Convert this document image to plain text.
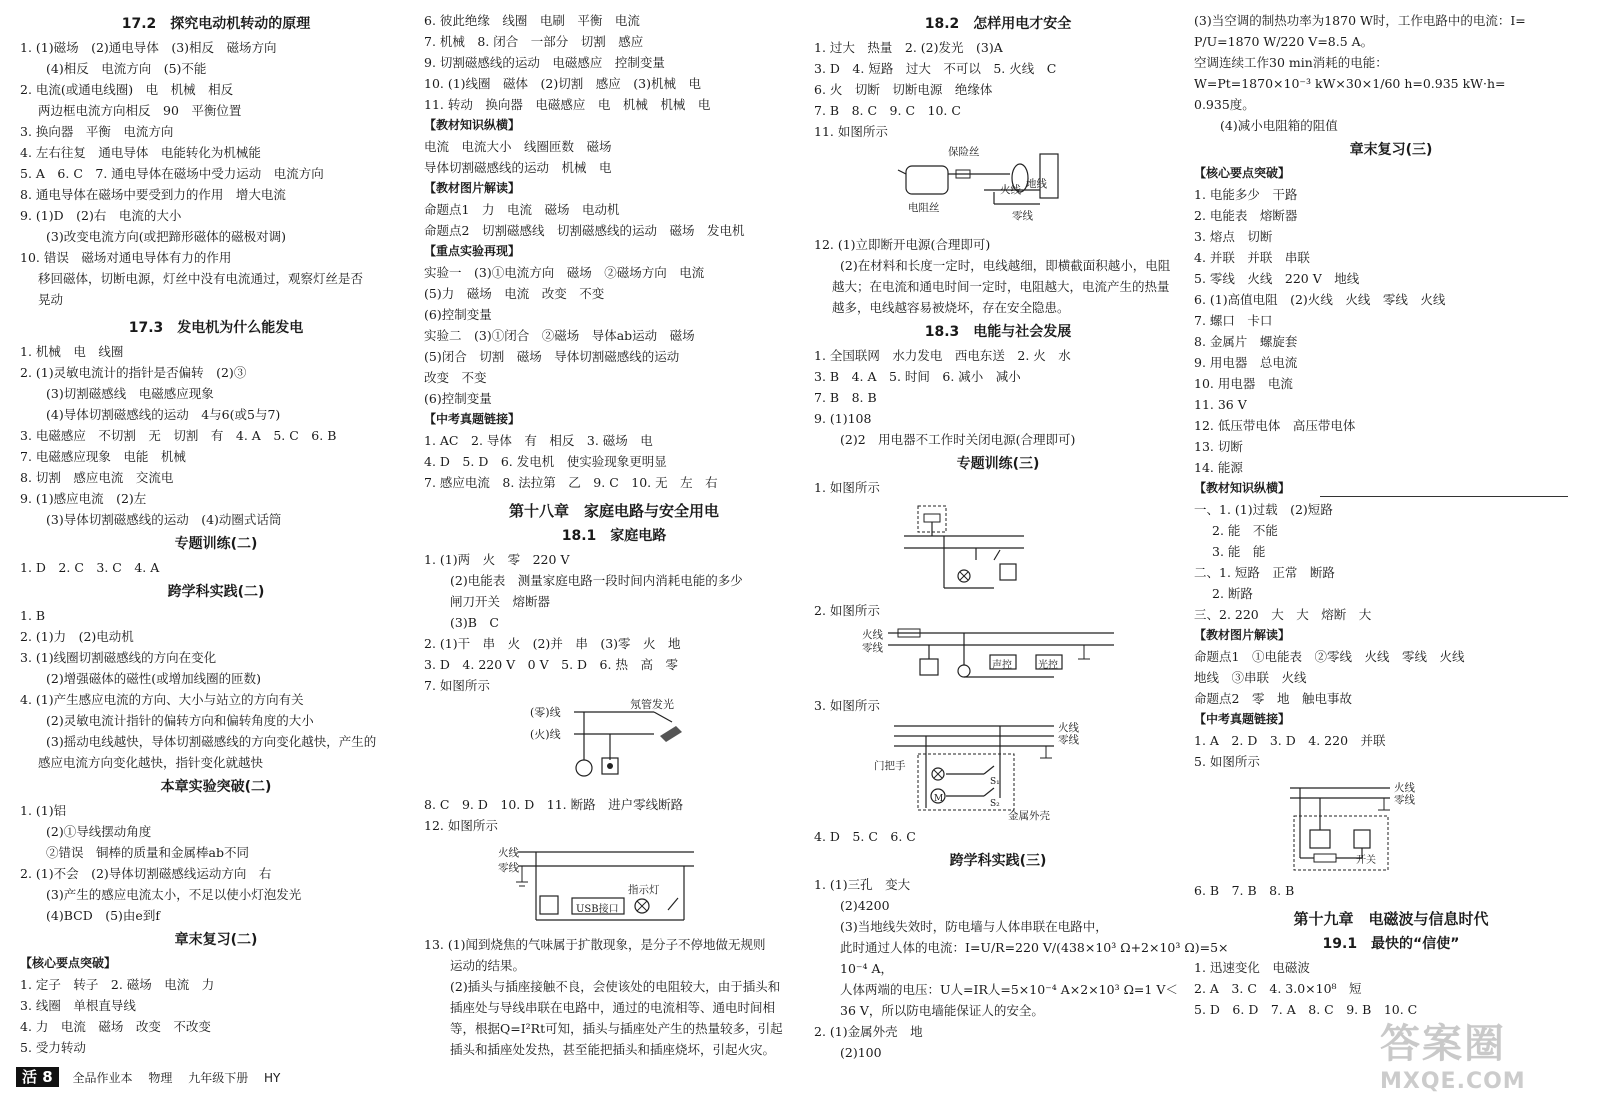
17.2　探究电动机转动的原理
1. (1)磁场　(2)通电导体　(3)相反　磁场方向
(4)相反　电流方向　(5)不能
2. 电流(或通电线圈)　电　机械　相反
两边框电流方向相反　90　平衡位置
3. 换向器　平衡　电流方向
4. 左右往复　通电导体　电能转化为机械能
5. A　6. C　7. 通电导体在磁场中受力运动　电流方向
8. 通电导体在磁场中要受到力的作用　增大电流
9. (1)D　(2)右　电流的大小
(3)改变电流方向(或把蹄形磁体的磁极对调)
10. 错误　磁场对通电导体有力的作用
移回磁体，切断电源，灯丝中没有电流通过，观察灯丝是否
晃动
17.3　发电机为什么能发电
1. 机械　电　线圈
2. (1)灵敏电流计的指针是否偏转　(2)③
(3)切割磁感线　电磁感应现象
(4)导体切割磁感线的运动　4与6(或5与7)
3. 电磁感应　不切割　无　切割　有　4. A　5. C　6. B
7. 电磁感应现象　电能　机械
8. 切割　感应电流　交流电
9. (1)感应电流　(2)左
(3)导体切割磁感线的运动　(4)动圈式话筒
专题训练(二)
1. D　2. C　3. C　4. A
跨学科实践(二)
1. B
2. (1)力　(2)电动机
3. (1)线圈切割磁感线的方向在变化
(2)增强磁体的磁性(或增加线圈的匝数)
4. (1)产生感应电流的方向、大小与站立的方向有关
(2)灵敏电流计指针的偏转方向和偏转角度的大小
(3)摇动电线越快，导体切割磁感线的方向变化越快，产生的
感应电流方向变化越快，指针变化就越快
本章实验突破(二)
1. (1)铝
(2)①导线摆动角度
②错误　铜棒的质量和金属棒ab不同
2. (1)不会　(2)导体切割磁感线运动方向　右
(3)产生的感应电流太小，不足以使小灯泡发光
(4)BCD　(5)由e到f
章末复习(二)
【核心要点突破】
1. 定子　转子　2. 磁场　电流　力
3. 线圈　单根直导线
4. 力　电流　磁场　改变　不改变
5. 受力转动
6. 彼此绝缘　线圈　电刷　平衡　电流
7. 机械　8. 闭合　一部分　切割　感应
9. 切割磁感线的运动　电磁感应　控制变量
10. (1)线圈　磁体　(2)切割　感应　(3)机械　电
11. 转动　换向器　电磁感应　电　机械　机械　电
【教材知识纵横】
电流　电流大小　线圈匝数　磁场
导体切割磁感线的运动　机械　电
【教材图片解读】
命题点1　力　电流　磁场　电动机
命题点2　切割磁感线　切割磁感线的运动　磁场　发电机
【重点实验再现】
实验一　(3)①电流方向　磁场　②磁场方向　电流
(5)力　磁场　电流　改变　不变
(6)控制变量
实验二　(3)①闭合　②磁场　导体ab运动　磁场
(5)闭合　切割　磁场　导体切割磁感线的运动
改变　不变
(6)控制变量
【中考真题链接】
1. AC　2. 导体　有　相反　3. 磁场　电
4. D　5. D　6. 发电机　使实验现象更明显
7. 感应电流　8. 法拉第　乙　9. C　10. 无　左　右
第十八章　家庭电路与安全用电
18.1　家庭电路
1. (1)两　火　零　220 V
(2)电能表　测量家庭电路一段时间内消耗电能的多少
闸刀开关　熔断器
(3)B　C
2. (1)干　串　火　(2)并　串　(3)零　火　地
3. D　4. 220 V　0 V　5. D　6. 热　高　零
7. 如图所示
(零)线
(火)线
氖管发光
8. C　9. D　10. D　11. 断路　进户零线断路
12. 如图所示
火线
零线
USB接口
指示灯
13. (1)闻到烧焦的气味属于扩散现象，是分子不停地做无规则
运动的结果。
(2)插头与插座接触不良，会使该处的电阻较大，由于插头和
插座处与导线串联在电路中，通过的电流相等、通电时间相
等，根据Q=I²Rt可知，插头与插座处产生的热量较多，引起
插头和插座处发热，甚至能把插头和插座烧坏，引起火灾。
18.2　怎样用电才安全
1. 过大　热量　2. (2)发光　(3)A
3. D　4. 短路　过大　不可以　5. 火线　C
6. 火　切断　切断电源　绝缘体
7. B　8. C　9. C　10. C
11. 如图所示
保险丝
电阻丝
火线 地线
零线
12. (1)立即断开电源(合理即可)
(2)在材料和长度一定时，电线越细，即横截面积越小，电阻
越大；在电流和通电时间一定时，电阻越大，电流产生的热量
越多，电线越容易被烧坏，存在安全隐患。
18.3　电能与社会发展
1. 全国联网　水力发电　西电东送　2. 火　水
3. B　4. A　5. 时间　6. 减小　减小
7. B　8. B
9. (1)108
(2)2　用电器不工作时关闭电源(合理即可)
专题训练(三)
1. 如图所示
2. 如图所示
火线
零线
声控	光控
3. 如图所示
M
S₁
S₂
火线
零线
门把手
金属外壳
4. D　5. C　6. C
跨学科实践(三)
1. (1)三孔　变大
(2)4200
(3)当地线失效时，防电墙与人体串联在电路中，
此时通过人体的电流：I=U/R=220 V/(438×10³ Ω+2×10³ Ω)=5×
10⁻⁴ A，
人体两端的电压：U人=IR人=5×10⁻⁴ A×2×10³ Ω=1 V＜
36 V，所以防电墙能保证人的安全。
2. (1)金属外壳　地
(2)100
(3)当空调的制热功率为1870 W时，工作电路中的电流：I=
P/U=1870 W/220 V=8.5 A。
空调连续工作30 min消耗的电能：
W=Pt=1870×10⁻³ kW×30×1/60 h=0.935 kW·h=
0.935度。
(4)减小电阻箱的阻值
章末复习(三)
【核心要点突破】
1. 电能多少　干路
2. 电能表　熔断器
3. 熔点　切断
4. 并联　并联　串联
5. 零线　火线　220 V　地线
6. (1)高值电阻　(2)火线　火线　零线　火线
7. 螺口　卡口
8. 金属片　螺旋套
9. 用电器　总电流
10. 用电器　电流
11. 36 V
12. 低压带电体　高压带电体
13. 切断
14. 能源
【教材知识纵横】
一、1. (1)过载　(2)短路
2. 能　不能
3. 能　能
二、1. 短路　正常　断路
2. 断路
三、2. 220　大　大　熔断　大
【教材图片解读】
命题点1　①电能表　②零线　火线　零线　火线
地线　③串联　火线
命题点2　零　地　触电事故
【中考真题链接】
1. A　2. D　3. D　4. 220　并联
5. 如图所示
火线
零线
开关
6. B　7. B　8. B
第十九章　电磁波与信息时代
19.1　最快的“信使”
1. 迅速变化　电磁波
2. A　3. C　4. 3.0×10⁸　短
5. D　6. D　7. A　8. C　9. B　10. C
活 8 全品作业本 物理 九年级下册 HY
答案圈
MXQE.COM
